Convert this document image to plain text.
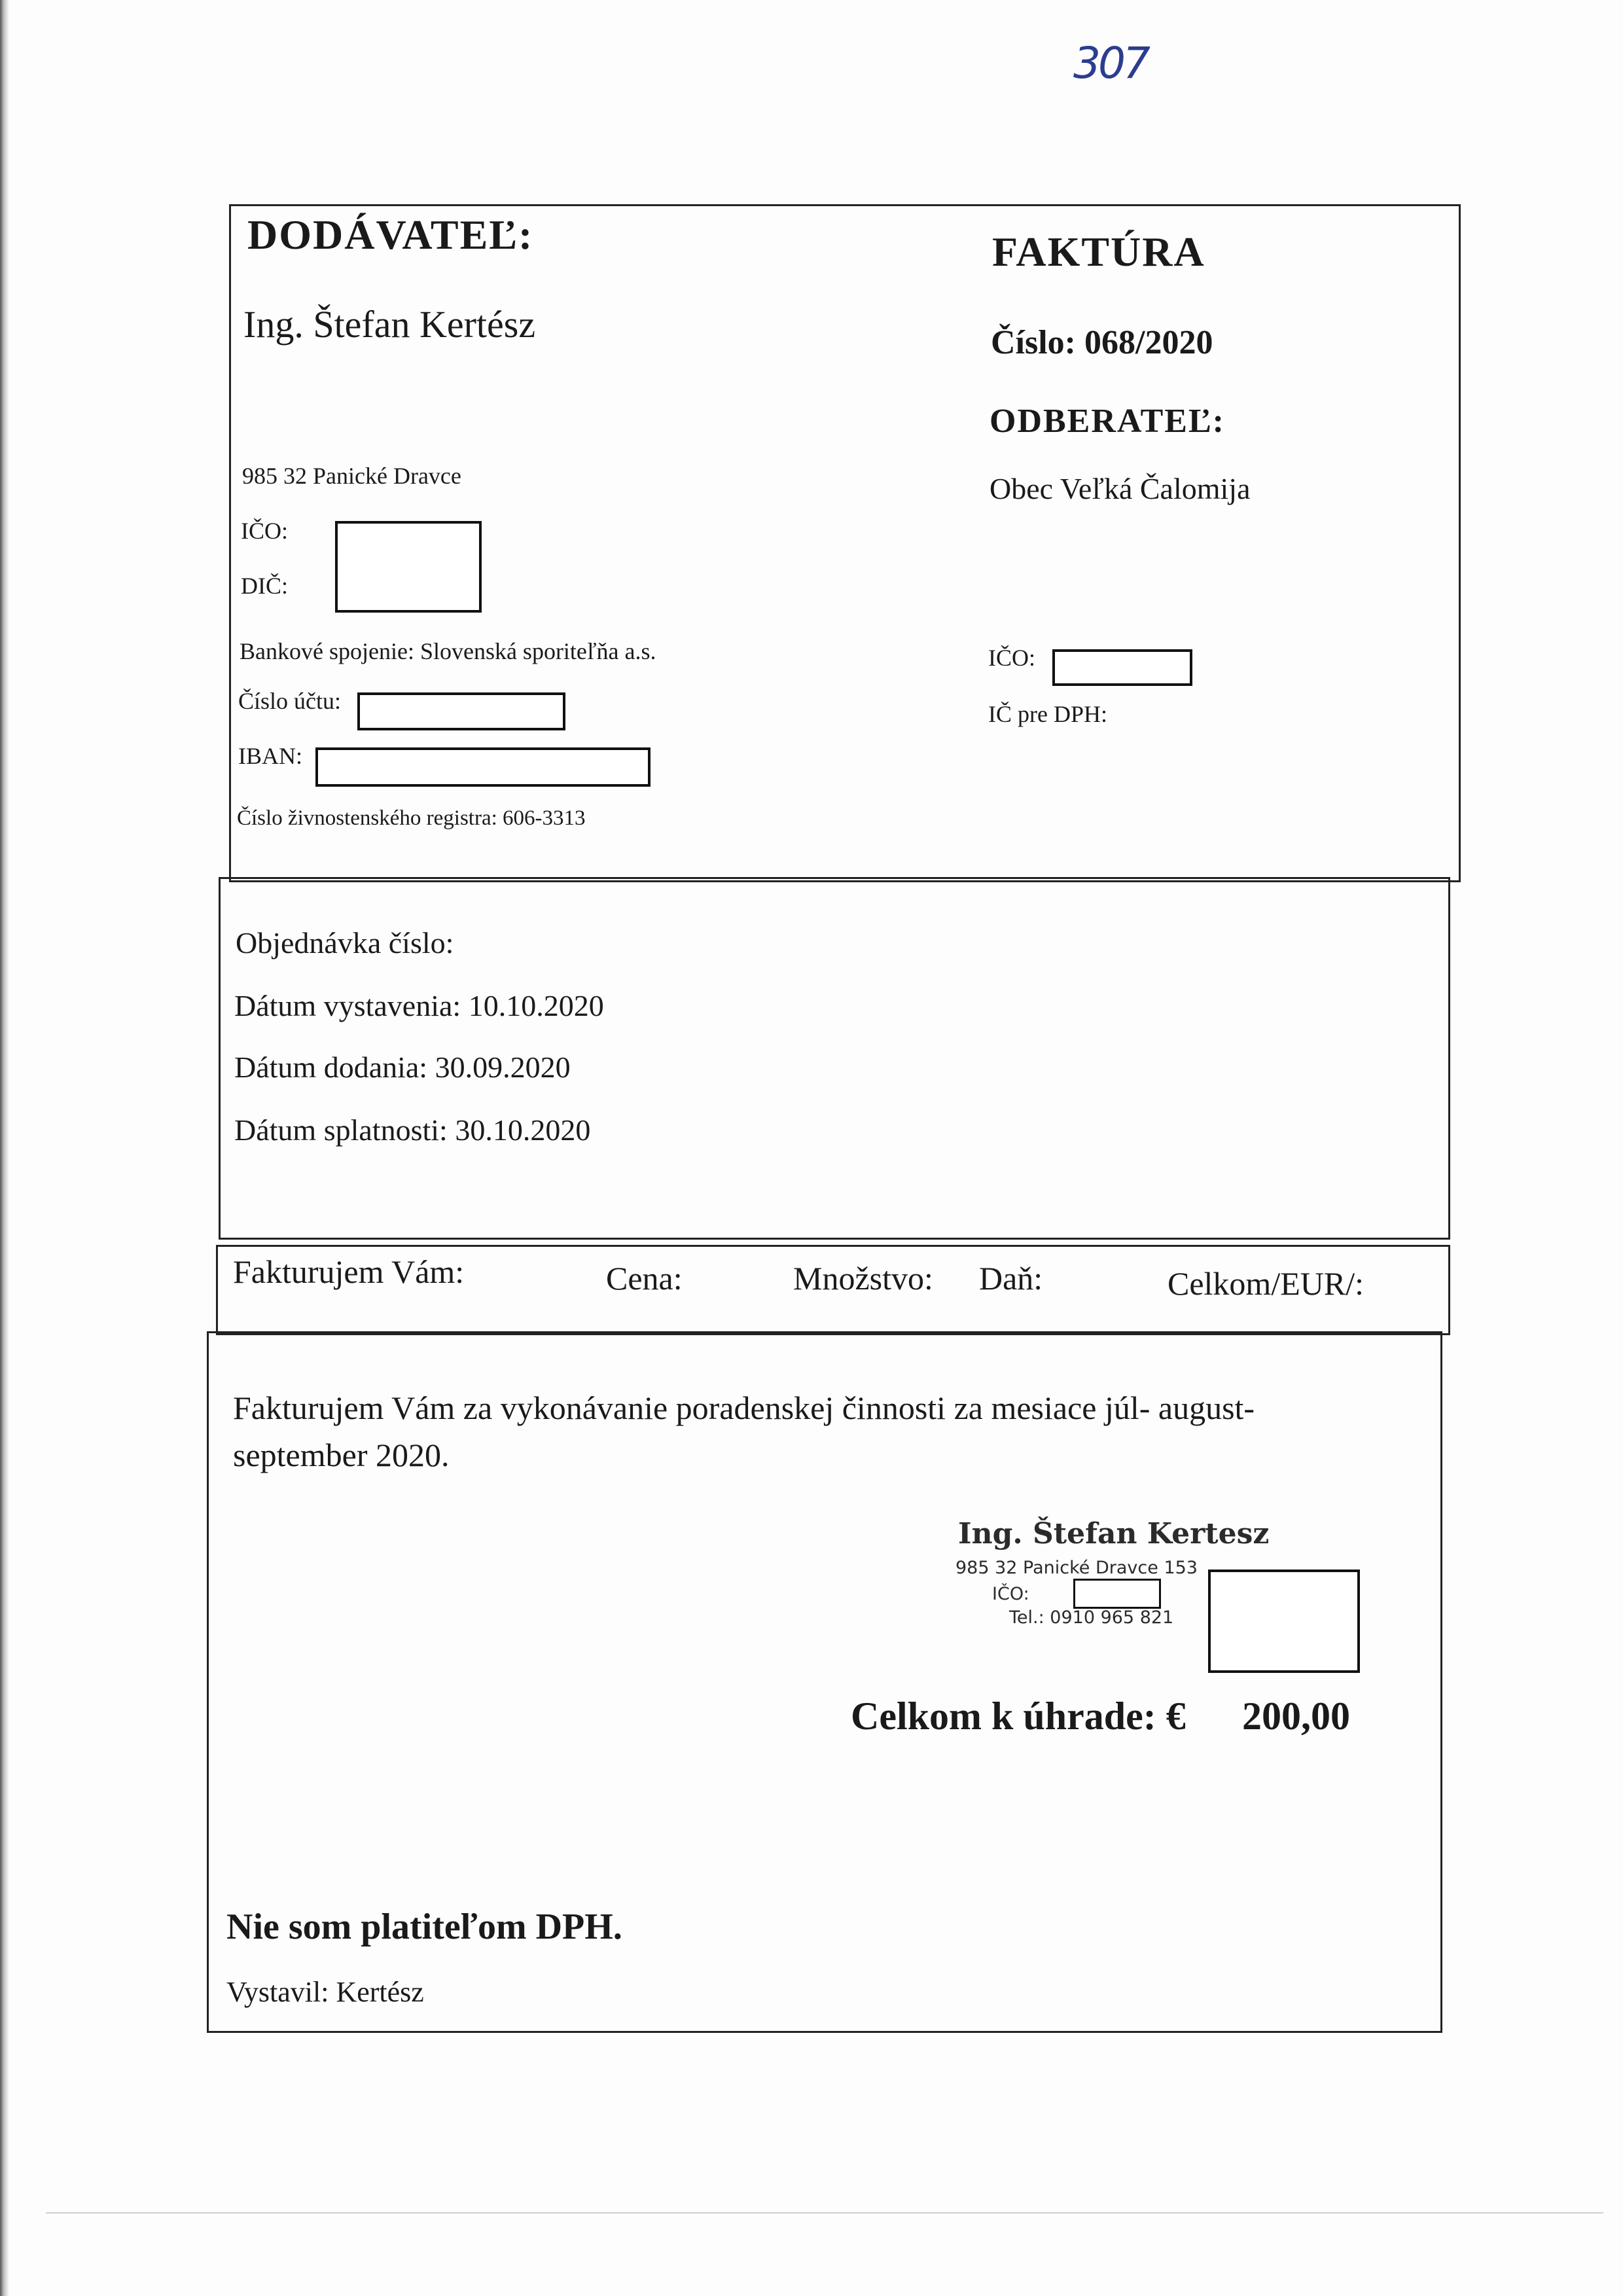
307
DODÁVATEĽ:
Ing. Štefan Kertész
985 32 Panické Dravce
IČO:
DIČ:
Bankové spojenie: Slovenská sporiteľňa a.s.
Číslo účtu:
IBAN:
Číslo živnostenského registra: 606-3313
FAKTÚRA
Číslo: 068/2020
ODBERATEĽ:
Obec Veľká Čalomija
IČO:
IČ pre DPH:
Objednávka číslo:
Dátum vystavenia: 10.10.2020
Dátum dodania: 30.09.2020
Dátum splatnosti: 30.10.2020
Fakturujem Vám:	Cena:	Množstvo: Daň:	Celkom/EUR/:
Fakturujem Vám za vykonávanie poradenskej činnosti za mesiace júl- august-
september 2020.
Ing. Štefan Kertesz
985 32 Panické Dravce 153
IČO:
Tel.: 0910 965 821
Celkom k úhrade: € 200,00
Nie som platiteľom DPH.
Vystavil: Kertész
